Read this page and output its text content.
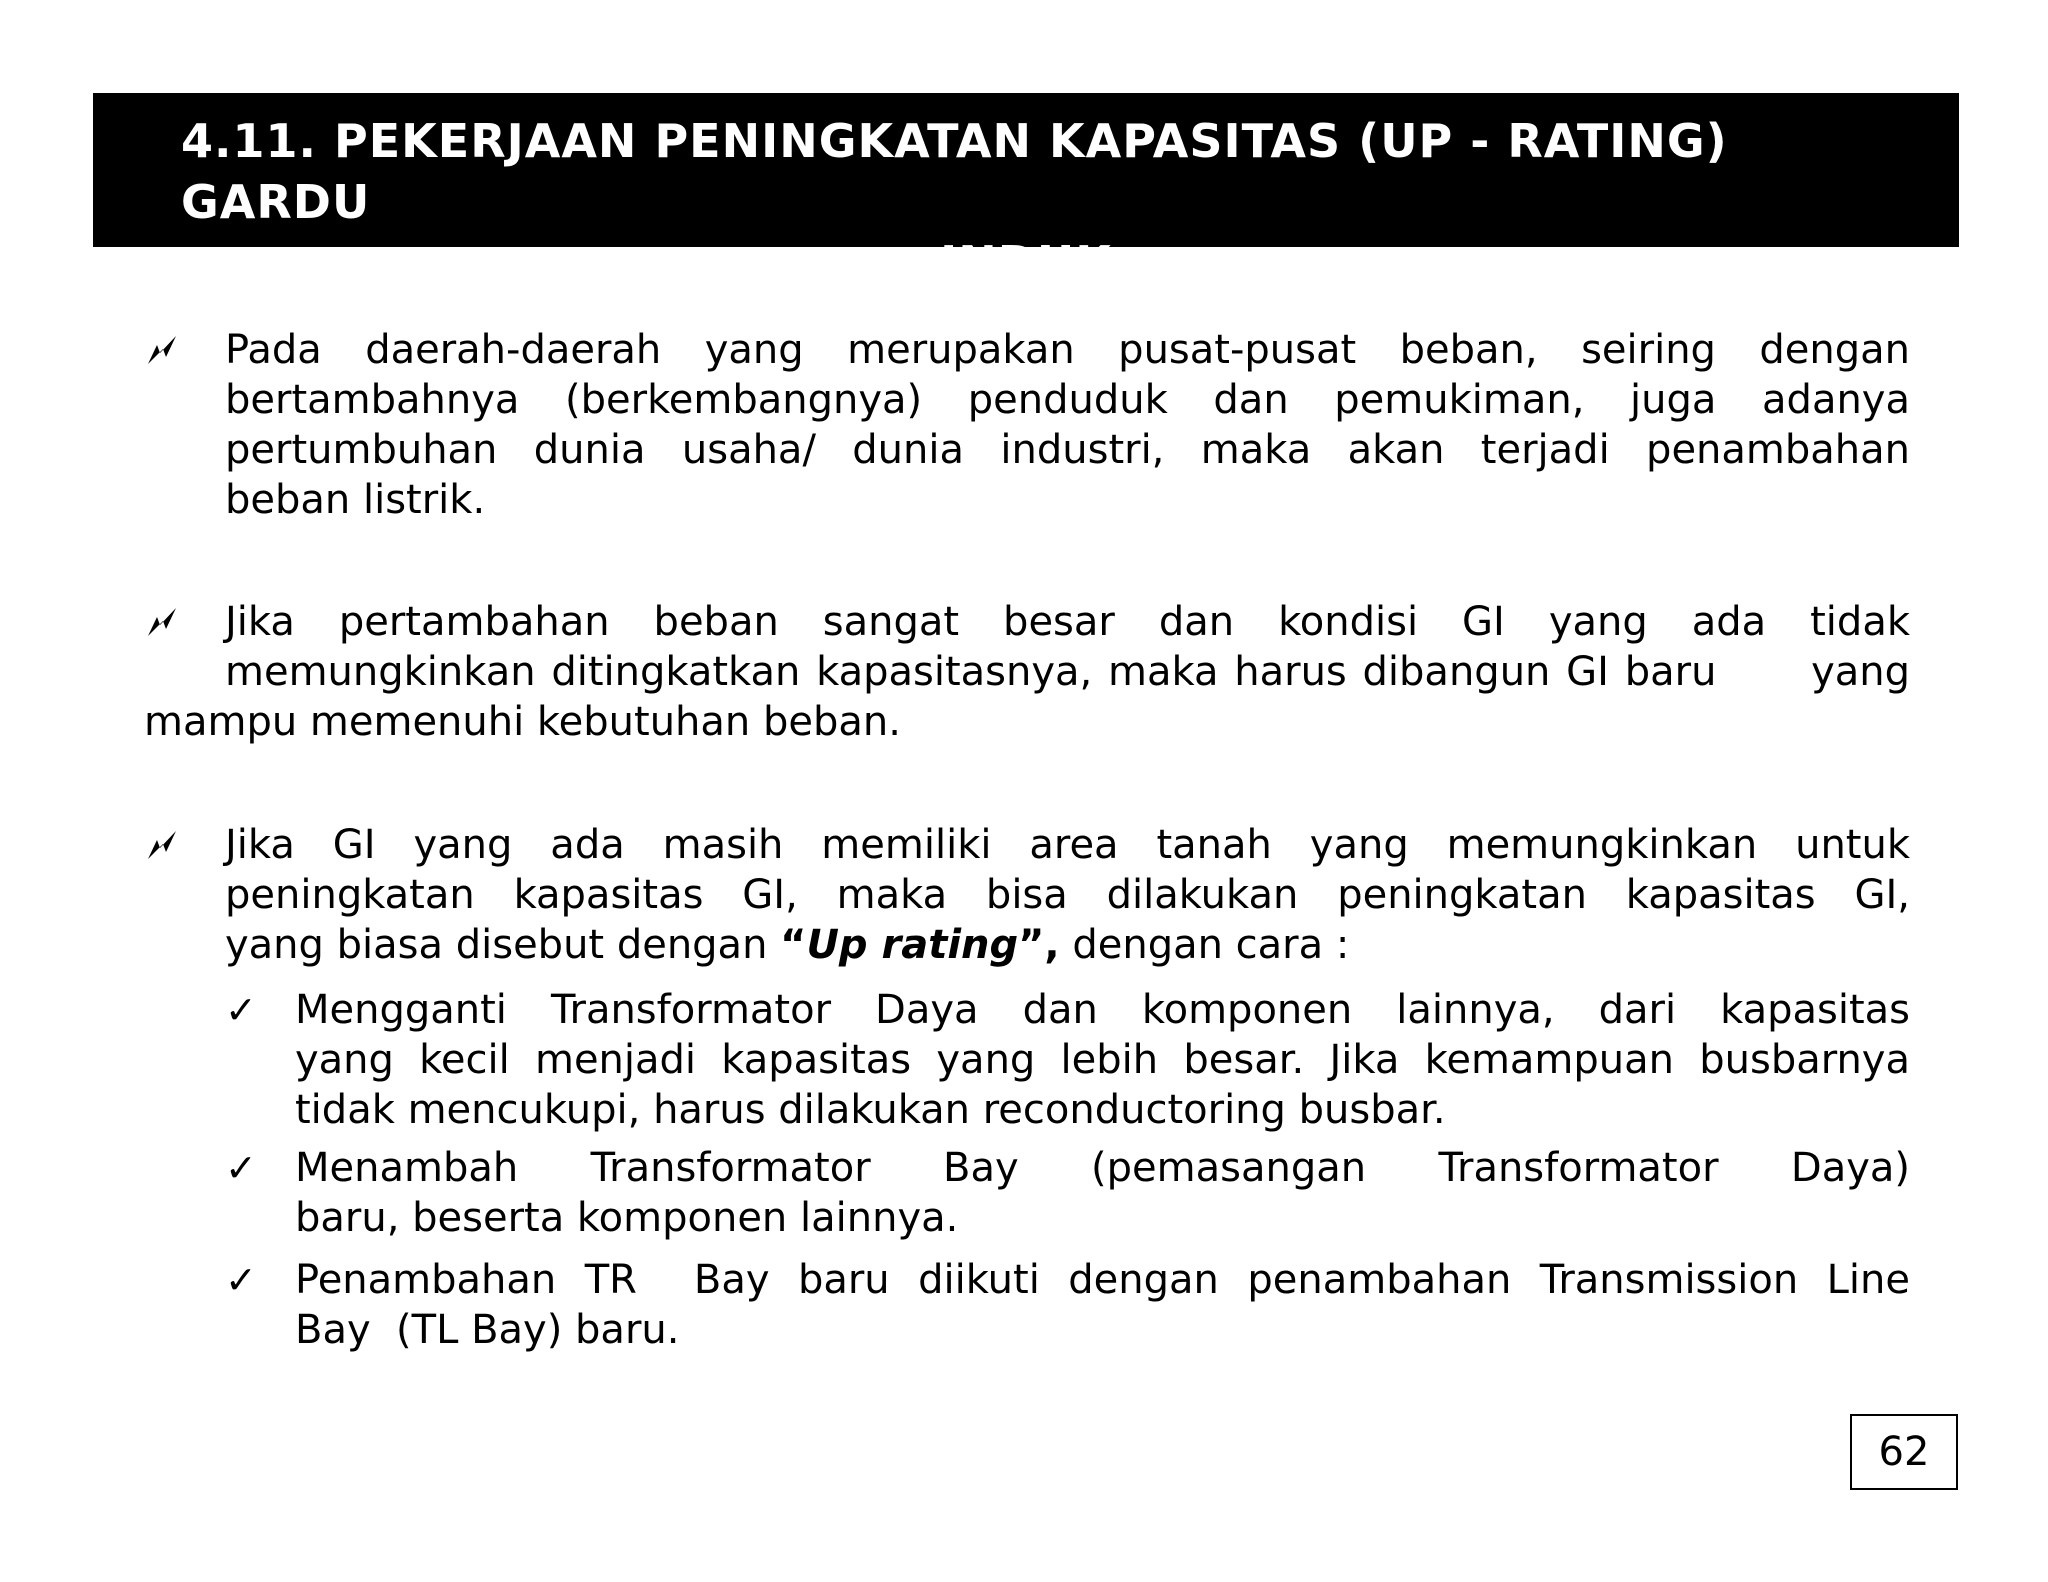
4.11. PEKERJAAN PENINGKATAN KAPASITAS (UP - RATING) GARDU
INDUK
Pada daerah-daerah yang merupakan pusat-pusat beban, seiring dengan
bertambahnya (berkembangnya) penduduk dan pemukiman, juga adanya
pertumbuhan dunia usaha/ dunia industri, maka akan terjadi penambahan
beban listrik.
Jika pertambahan beban sangat besar dan kondisi GI yang ada tidak
memungkinkan ditingkatkan kapasitasnya, maka harus dibangun GI baru      yang
mampu memenuhi kebutuhan beban.
Jika GI yang ada masih memiliki area tanah yang memungkinkan untuk
peningkatan kapasitas GI, maka bisa dilakukan peningkatan kapasitas GI,
yang biasa disebut dengan “Up rating”, dengan cara :
✓ Mengganti Transformator Daya dan komponen lainnya, dari kapasitas
yang kecil menjadi kapasitas yang lebih besar. Jika kemampuan busbarnya
tidak mencukupi, harus dilakukan reconductoring busbar.
✓ Menambah Transformator Bay (pemasangan Transformator Daya)
baru, beserta komponen lainnya.
✓ Penambahan TR  Bay baru diikuti dengan penambahan Transmission Line
Bay  (TL Bay) baru.
62
